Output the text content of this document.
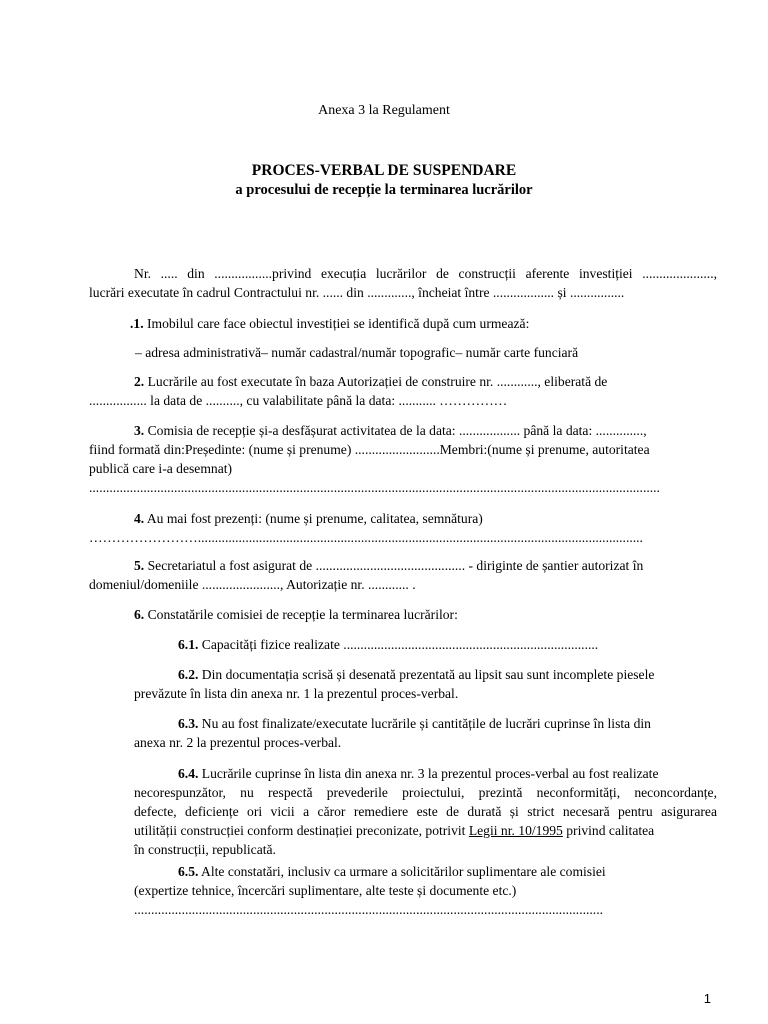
Anexa 3 la Regulament
PROCES-VERBAL DE SUSPENDARE
a procesului de recepție la terminarea lucrărilor
Nr. ..... din .................privind execuția lucrărilor de construcții aferente investiției .....................,
lucrări executate în cadrul Contractului nr. ...... din ............., încheiat între .................. și ................
.1. Imobilul care face obiectul investiției se identifică după cum urmează:
– adresa administrativă– număr cadastral/număr topografic– număr carte funciară
2. Lucrările au fost executate în baza Autorizației de construire nr. ............, eliberată de
................. la data de .........., cu valabilitate până la data: ........... ……………
3. Comisia de recepție și-a desfășurat activitatea de la data: .................. până la data: ..............,
fiind formată din:Președinte: (nume și prenume) .........................Membri:(nume și prenume, autoritatea
publică care i-a desemnat)
........................................................................................................................................................................
4. Au mai fost prezenți: (nume și prenume, calitatea, semnătura)
……………………...................................................................................................................................
5. Secretariatul a fost asigurat de ............................................ - diriginte de șantier autorizat în
domeniul/domeniile ......................., Autorizație nr. ............ .
6. Constatările comisiei de recepție la terminarea lucrărilor:
6.1. Capacități fizice realizate ...........................................................................
6.2. Din documentația scrisă și desenată prezentată au lipsit sau sunt incomplete piesele
prevăzute în lista din anexa nr. 1 la prezentul proces-verbal.
6.3. Nu au fost finalizate/executate lucrările și cantitățile de lucrări cuprinse în lista din
anexa nr. 2 la prezentul proces-verbal.
6.4. Lucrările cuprinse în lista din anexa nr. 3 la prezentul proces-verbal au fost realizate
necorespunzător, nu respectă prevederile proiectului, prezintă neconformități, neconcordanțe,
defecte, deficiențe ori vicii a căror remediere este de durată și strict necesară pentru asigurarea
utilității construcției conform destinației preconizate, potrivit Legii nr. 10/1995 privind calitatea
în construcții, republicată.
6.5. Alte constatări, inclusiv ca urmare a solicitărilor suplimentare ale comisiei
(expertize tehnice, încercări suplimentare, alte teste și documente etc.)
..........................................................................................................................................
1
